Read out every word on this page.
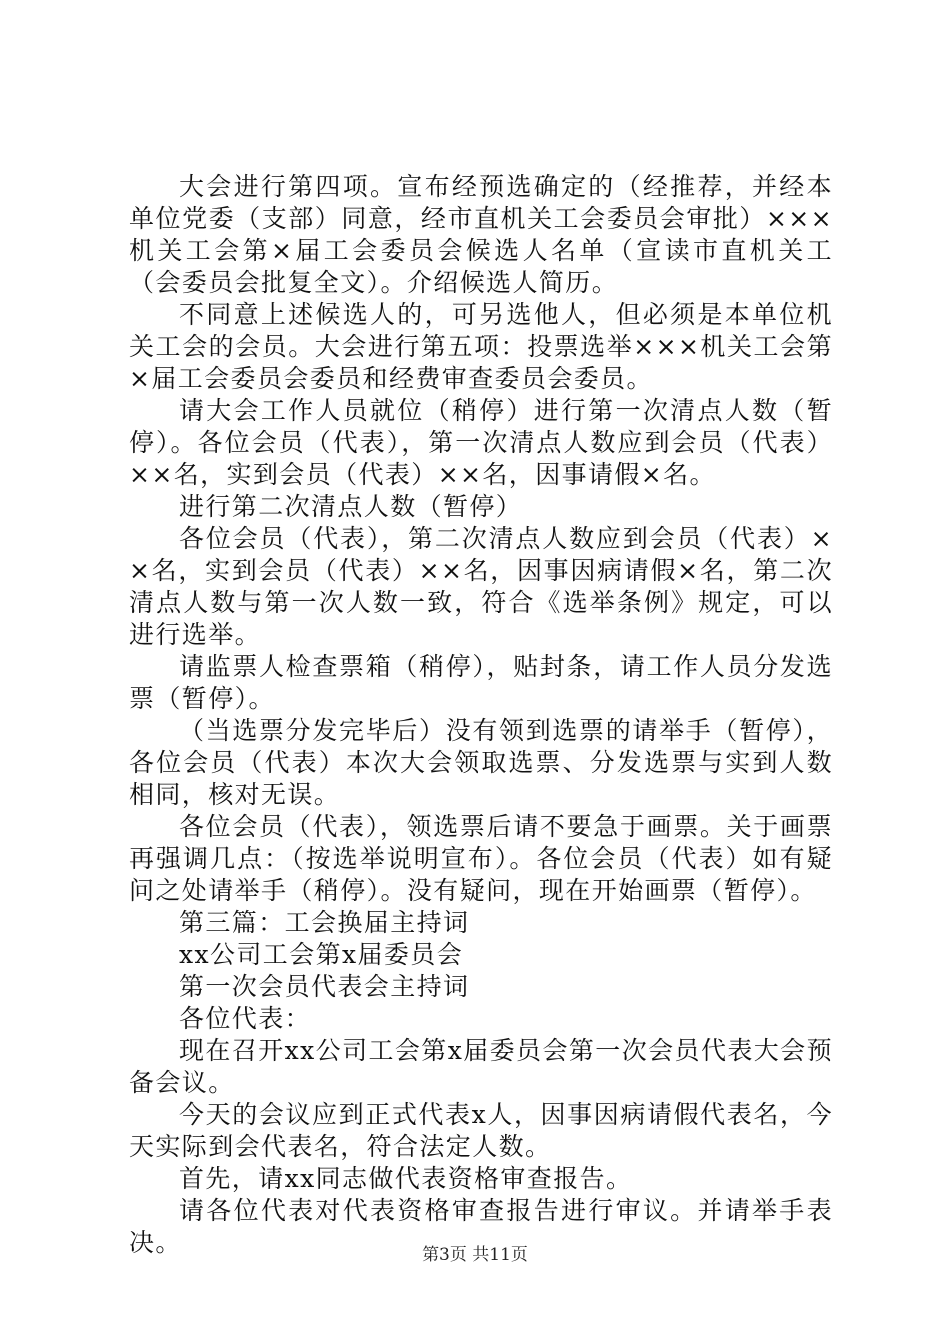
大会进行第四项。宣布经预选确定的（经推荐，并经本单位党委（支部）同意，经市直机关工会委员会审批）×××机关工会第×届工会委员会候选人名单（宣读市直机关工（会委员会批复全文）。介绍候选人简历。

不同意上述候选人的，可另选他人，但必须是本单位机关工会的会员。大会进行第五项：投票选举×××机关工会第×届工会委员会委员和经费审查委员会委员。

请大会工作人员就位（稍停）进行第一次清点人数（暂停）。各位会员（代表），第一次清点人数应到会员（代表）××名，实到会员（代表）××名，因事请假×名。

进行第二次清点人数（暂停）

各位会员（代表），第二次清点人数应到会员（代表）××名，实到会员（代表）××名，因事因病请假×名，第二次清点人数与第一次人数一致，符合《选举条例》规定，可以进行选举。

请监票人检查票箱（稍停），贴封条，请工作人员分发选票（暂停）。

（当选票分发完毕后）没有领到选票的请举手（暂停），各位会员（代表）本次大会领取选票、分发选票与实到人数相同，核对无误。

各位会员（代表），领选票后请不要急于画票。关于画票再强调几点：（按选举说明宣布）。各位会员（代表）如有疑问之处请举手（稍停）。没有疑问，现在开始画票（暂停）。

第三篇：工会换届主持词

xx公司工会第x届委员会

第一次会员代表会主持词

各位代表：

现在召开xx公司工会第x届委员会第一次会员代表大会预备会议。

今天的会议应到正式代表x人，因事因病请假代表名，今天实际到会代表名，符合法定人数。

首先，请xx同志做代表资格审查报告。

请各位代表对代表资格审查报告进行审议。并请举手表决。	第3页 共11页
